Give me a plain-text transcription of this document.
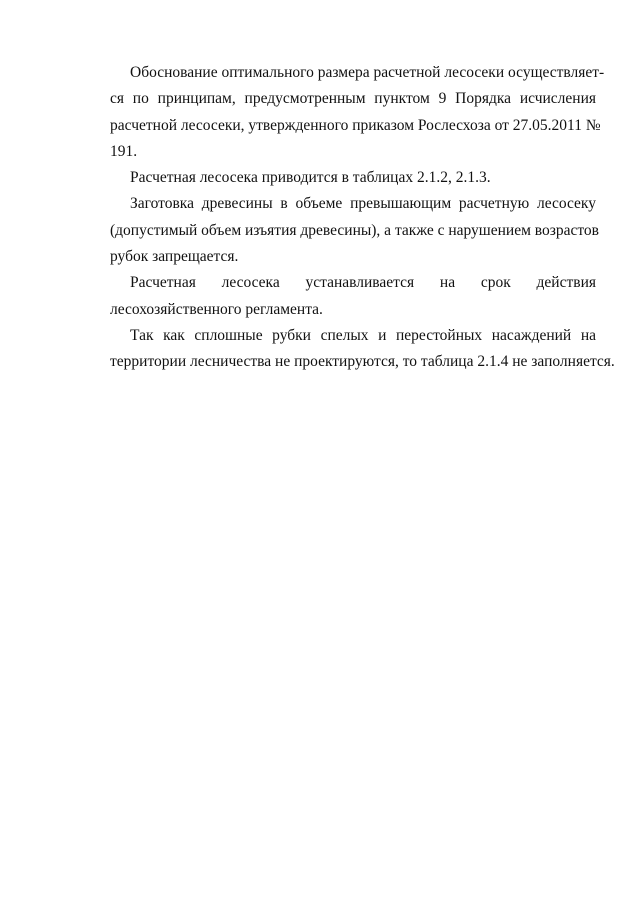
Обоснование оптимального размера расчетной лесосеки осуществляет-
ся по принципам, предусмотренным пунктом 9 Порядка исчисления
расчетной лесосеки, утвержденного приказом Рослесхоза от 27.05.2011 №
191.

Расчетная лесосека приводится в таблицах 2.1.2, 2.1.3.

Заготовка древесины в объеме превышающим расчетную лесосеку
(допустимый объем изъятия древесины), а также с нарушением возрастов
рубок запрещается.

Расчетная лесосека устанавливается на срок действия
лесохозяйственного регламента.

Так как сплошные рубки спелых и перестойных насаждений на
территории лесничества не проектируются, то таблица 2.1.4 не заполняется.
